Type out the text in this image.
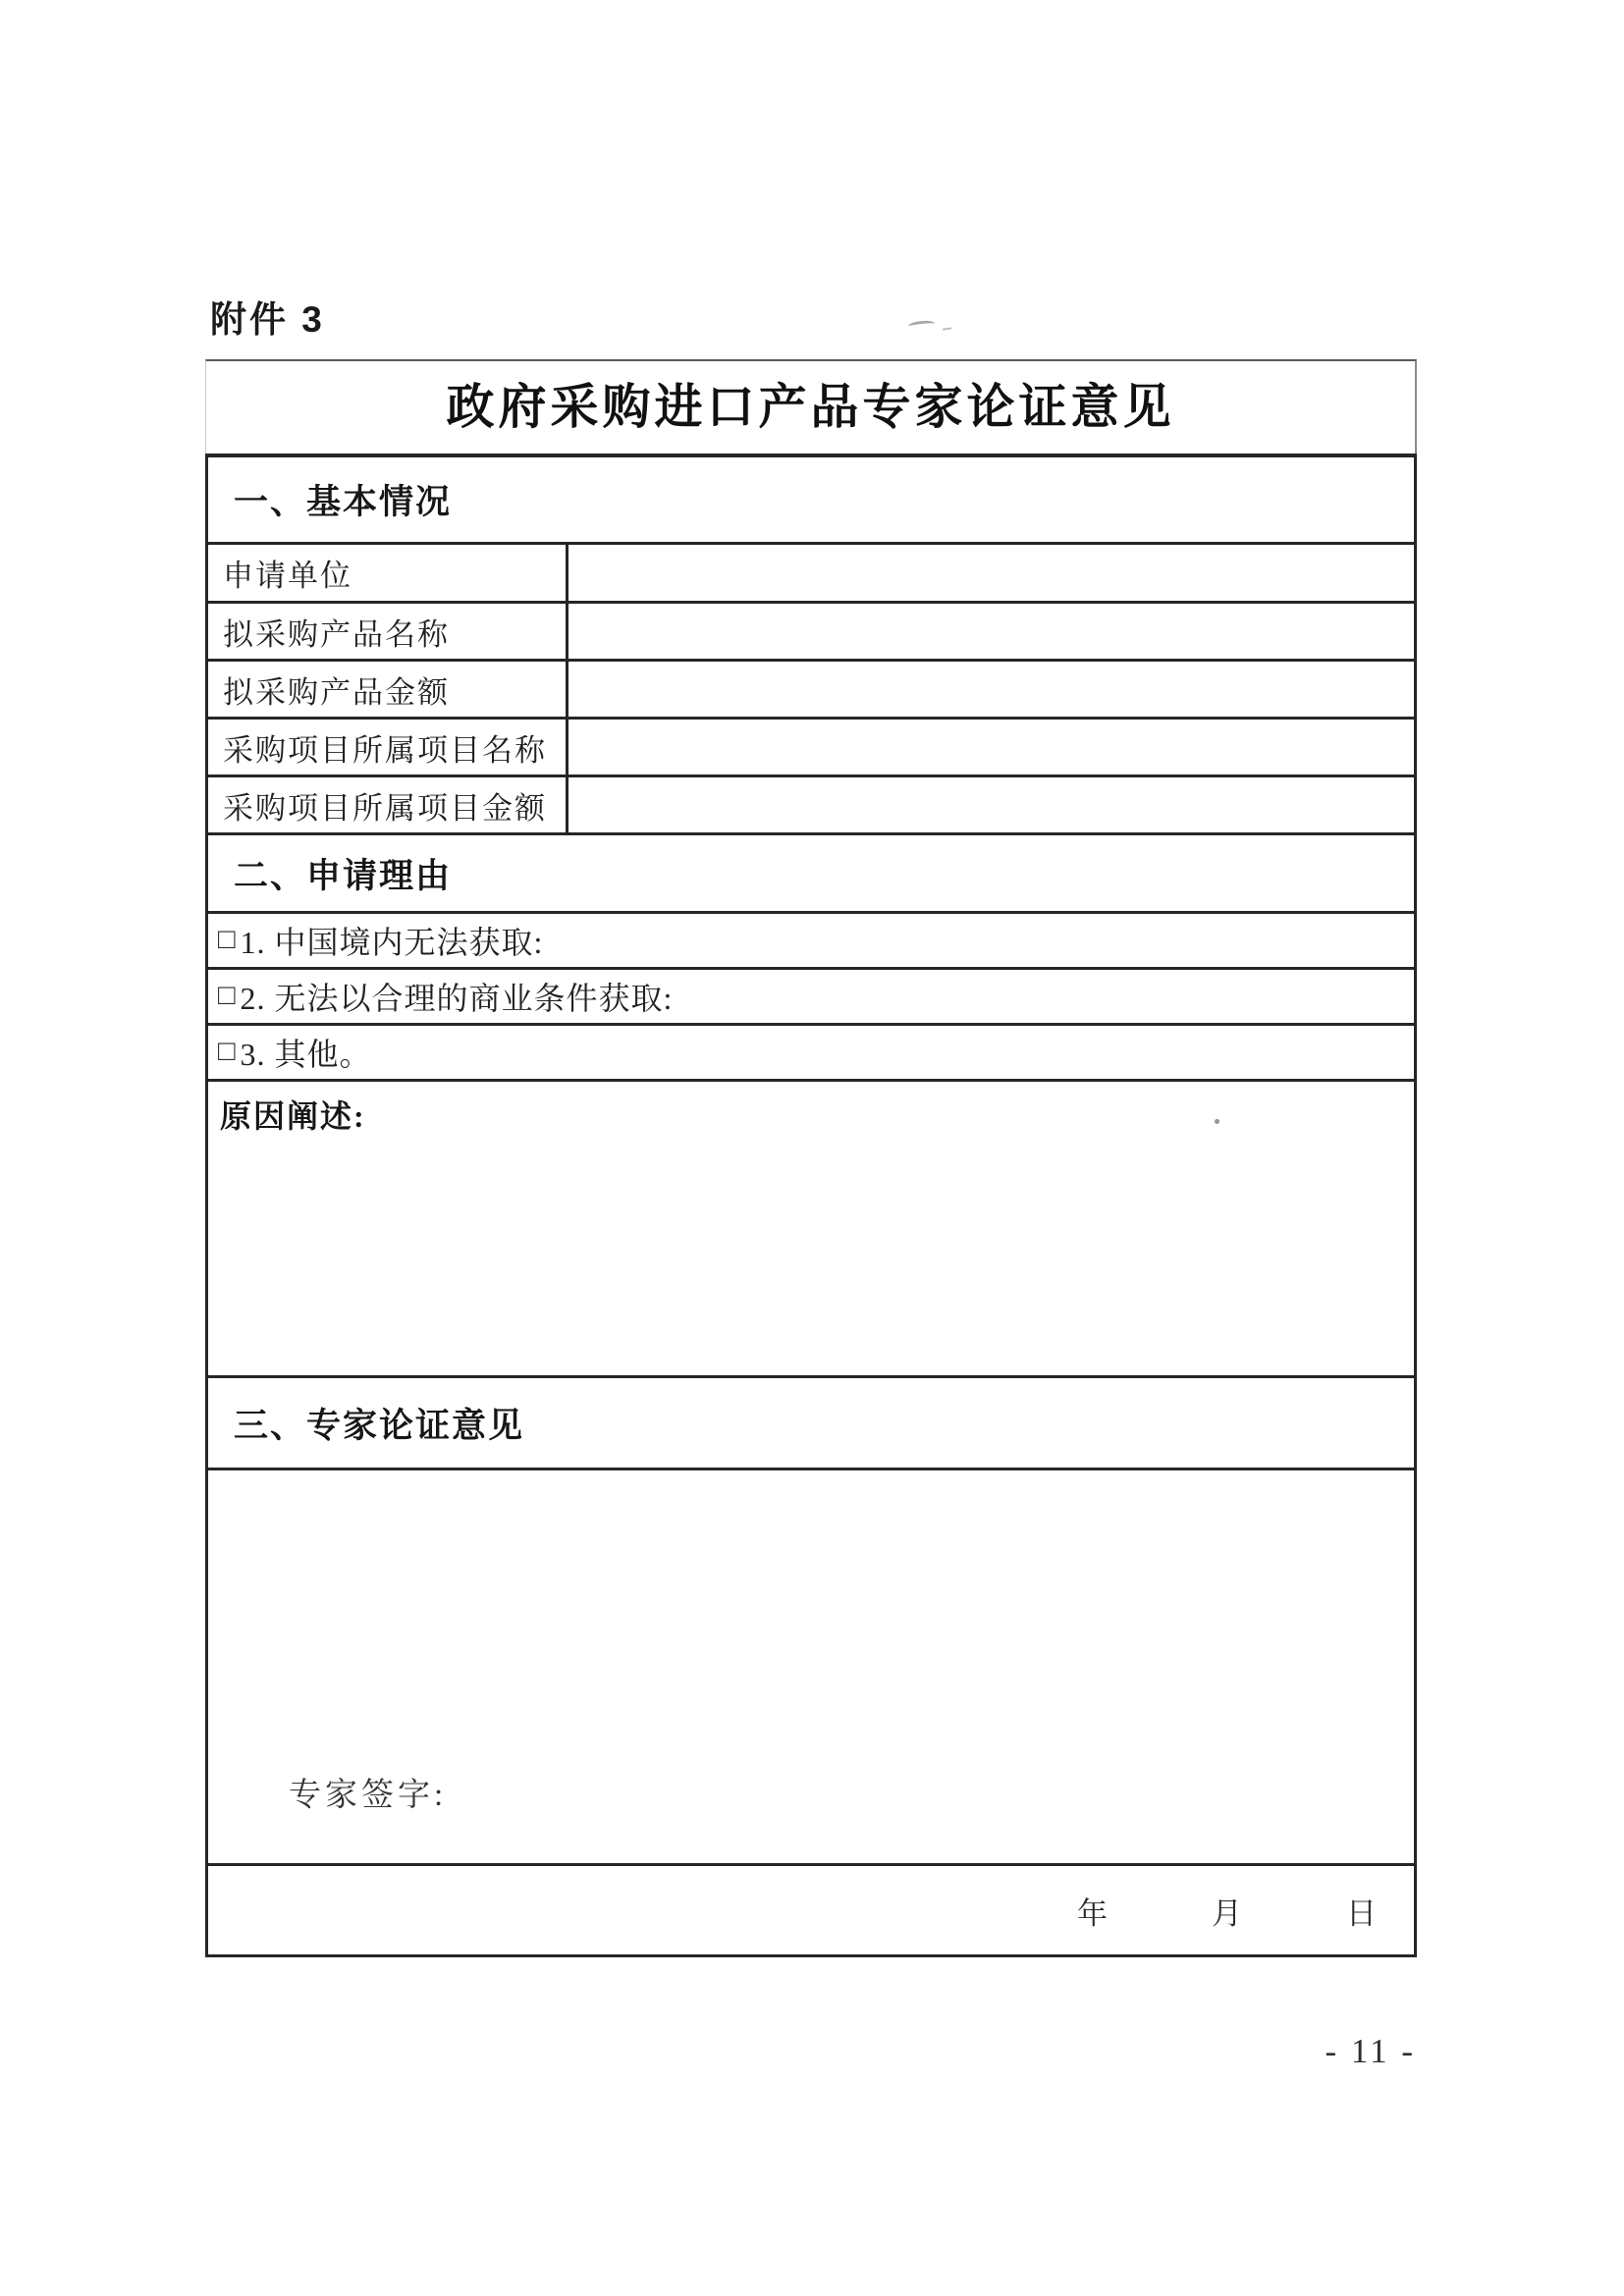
附件 3
政府采购进口产品专家论证意见
一、基本情况
申请单位
拟采购产品名称
拟采购产品金额
采购项目所属项目名称
采购项目所属项目金额
二、申请理由
□ 1. 中国境内无法获取:
□ 2. 无法以合理的商业条件获取:
□ 3. 其他。
原因阐述:
三、专家论证意见
专家签字:
年	月	日
- 11 -
